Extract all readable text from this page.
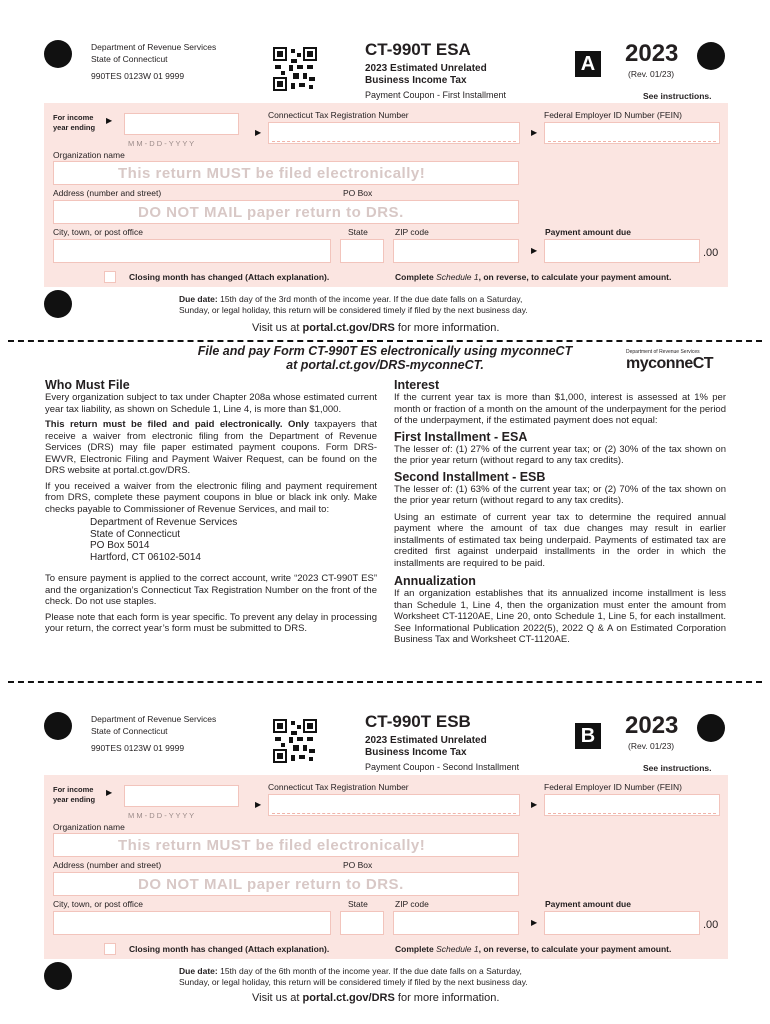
Department of Revenue Services
State of Connecticut
990TES 0123W 01 9999
CT-990T ESA
2023 Estimated Unrelated
Business Income Tax
Payment Coupon - First Installment
A 2023
(Rev. 01/23)
See instructions.
For income
year ending
▶
M M - D D - Y Y Y Y
Connecticut Tax Registration Number
▶
Federal Employer ID Number (FEIN)
▶
Organization name
This return MUST be filed electronically!
Address (number and street)	PO Box
DO NOT MAIL paper return to DRS.
City, town, or post office	State	ZIP code	Payment amount due
▶	.00
Closing month has changed (Attach explanation).	Complete Schedule 1, on reverse, to calculate your payment amount.
Due date: 15th day of the 3rd month of the income year. If the due date falls on a Saturday,
Sunday, or legal holiday, this return will be considered timely if filed by the next business day.
Visit us at portal.ct.gov/DRS for more information.
File and pay Form CT-990T ES electronically using myconneCT
at portal.ct.gov/DRS-myconneCT.
Department of Revenue Services
myconneCT
Who Must File
Every organization subject to tax under Chapter 208a whose estimated current year tax liability, as shown on Schedule 1, Line 4, is more than $1,000.
This return must be filed and paid electronically. Only taxpayers that receive a waiver from electronic filing from the Department of Revenue Services (DRS) may file paper estimated payment coupons. Form DRS-EWVR, Electronic Filing and Payment Waiver Request, can be found on the DRS website at portal.ct.gov/DRS.
If you received a waiver from the electronic filing and payment requirement from DRS, complete these payment coupons in blue or black ink only. Make checks payable to Commissioner of Revenue Services, and mail to:
Department of Revenue Services
State of Connecticut
PO Box 5014
Hartford, CT 06102-5014
To ensure payment is applied to the correct account, write “2023 CT-990T ES” and the organization’s Connecticut Tax Registration Number on the front of the check. Do not use staples.
Please note that each form is year specific. To prevent any delay in processing your return, the correct year’s form must be submitted to DRS.
Interest
If the current year tax is more than $1,000, interest is assessed at 1% per month or fraction of a month on the amount of the underpayment for the period of the underpayment, if the estimated payment does not equal:
First Installment - ESA
The lesser of: (1) 27% of the current year tax; or (2) 30% of the tax shown on the prior year return (without regard to any tax credits).
Second Installment - ESB
The lesser of: (1) 63% of the current year tax; or (2) 70% of the tax shown on the prior year return (without regard to any tax credits).
Using an estimate of current year tax to determine the required annual payment where the amount of tax due changes may result in earlier installments of estimated tax being underpaid. Payments of estimated tax are credited first against underpaid installments in the order in which the installments are required to be paid.
Annualization
If an organization establishes that its annualized income installment is less than Schedule 1, Line 4, then the organization must enter the amount from Worksheet CT-1120AE, Line 20, onto Schedule 1, Line 5, for each installment. See Informational Publication 2022(5), 2022 Q & A on Estimated Corporation Business Tax and Worksheet CT-1120AE.
Department of Revenue Services
State of Connecticut
990TES 0123W 01 9999
CT-990T ESB
2023 Estimated Unrelated
Business Income Tax
Payment Coupon - Second Installment
B 2023
(Rev. 01/23)
See instructions.
For income
year ending
▶
M M - D D - Y Y Y Y
Connecticut Tax Registration Number
▶
Federal Employer ID Number (FEIN)
▶
Organization name
This return MUST be filed electronically!
Address (number and street)	PO Box
DO NOT MAIL paper return to DRS.
City, town, or post office	State	ZIP code	Payment amount due
▶	.00
Closing month has changed (Attach explanation).	Complete Schedule 1, on reverse, to calculate your payment amount.
Due date: 15th day of the 6th month of the income year. If the due date falls on a Saturday,
Sunday, or legal holiday, this return will be considered timely if filed by the next business day.
Visit us at portal.ct.gov/DRS for more information.
